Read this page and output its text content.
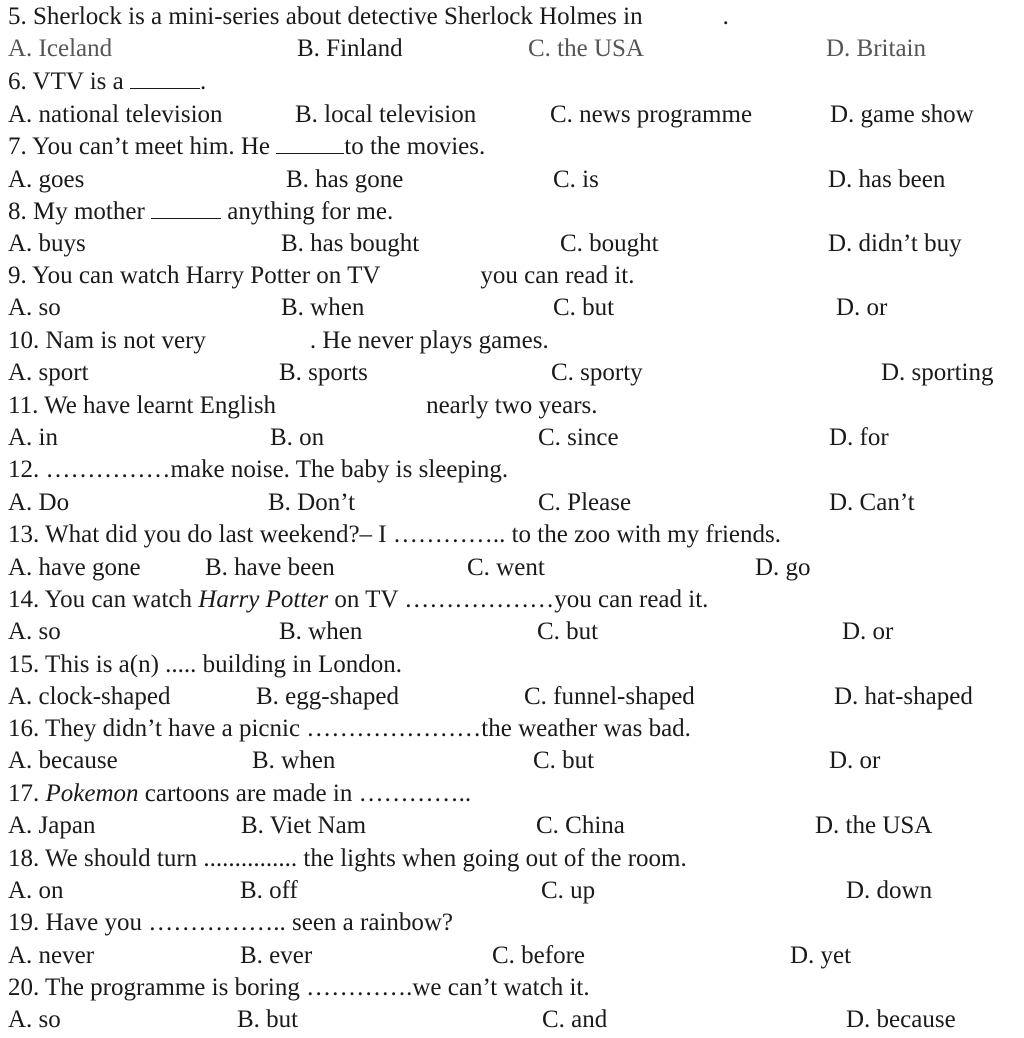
5. Sherlock is a mini-series about detective Sherlock Holmes in	.
A. Iceland	B. Finland	C. the USA	D. Britain
6. VTV is a	.
A. national television	B. local television	C. news programme	D. game show
7. You can’t meet him. He	to the movies.
A. goes	B. has gone	C. is	D. has been
8. My mother	anything for me.
A. buys	B. has bought	C. bought	D. didn’t buy
9. You can watch Harry Potter on TV	you can read it.
A. so	B. when	C. but	D. or
10. Nam is not very	. He never plays games.
A. sport	B. sports	C. sporty	D. sporting
11. We have learnt English	nearly two years.
A. in	B. on	C. since	D. for
12. ……………make noise. The baby is sleeping.
A. Do	B. Don’t	C. Please	D. Can’t
13. What did you do last weekend?– I ………….. to the zoo with my friends.
A. have gone	B. have been	C. went	D. go
14. You can watch Harry Potter on TV ………………you can read it.
A. so	B. when	C. but	D. or
15. This is a(n) ..... building in London.
A. clock-shaped	B. egg-shaped	C. funnel-shaped	D. hat-shaped
16. They didn’t have a picnic …………………the weather was bad.
A. because	B. when	C. but	D. or
17. Pokemon cartoons are made in …………..
A. Japan	B. Viet Nam	C. China	D. the USA
18. We should turn ............... the lights when going out of the room.
A. on	B. off	C. up	D. down
19. Have you …………….. seen a rainbow?
A. never	B. ever	C. before	D. yet
20. The programme is boring ………….we can’t watch it.
A. so	B. but	C. and	D. because
